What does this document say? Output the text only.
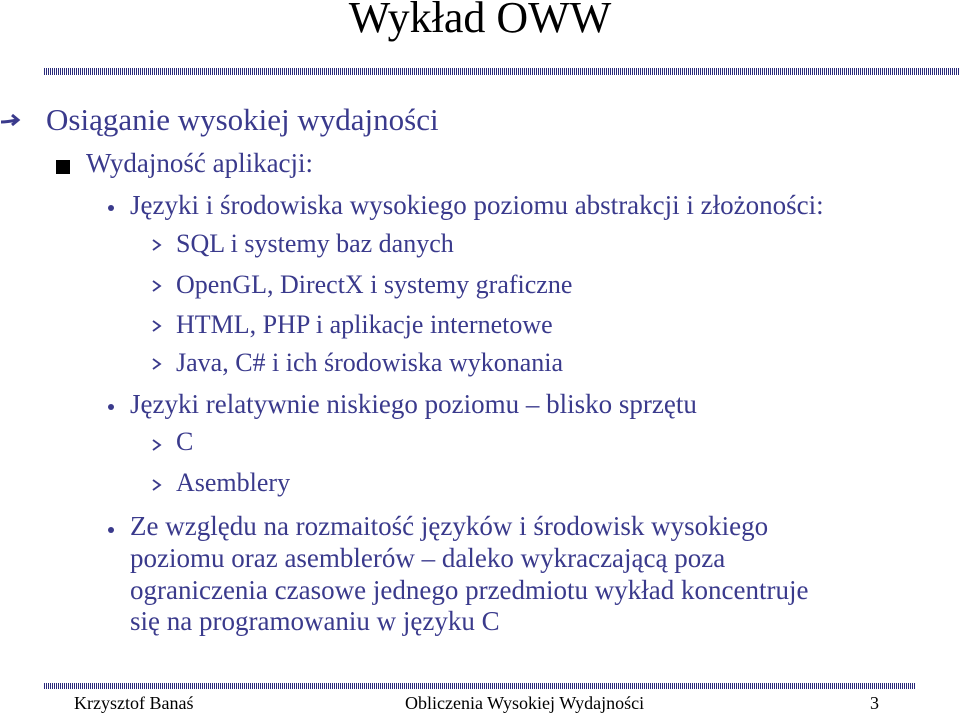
Wykład OWW
Osiąganie wysokiej wydajności
Wydajność aplikacji:
Języki i środowiska wysokiego poziomu abstrakcji i złożoności:
SQL i systemy baz danych
OpenGL, DirectX i systemy graficzne
HTML, PHP i aplikacje internetowe
Java, C# i ich środowiska wykonania
Języki relatywnie niskiego poziomu – blisko sprzętu
C
Asemblery
Ze względu na rozmaitość języków i środowisk wysokiego
poziomu oraz asemblerów – daleko wykraczającą poza
ograniczenia czasowe jednego przedmiotu wykład koncentruje
się na programowaniu w języku C
Krzysztof Banaś	Obliczenia Wysokiej Wydajności	3
